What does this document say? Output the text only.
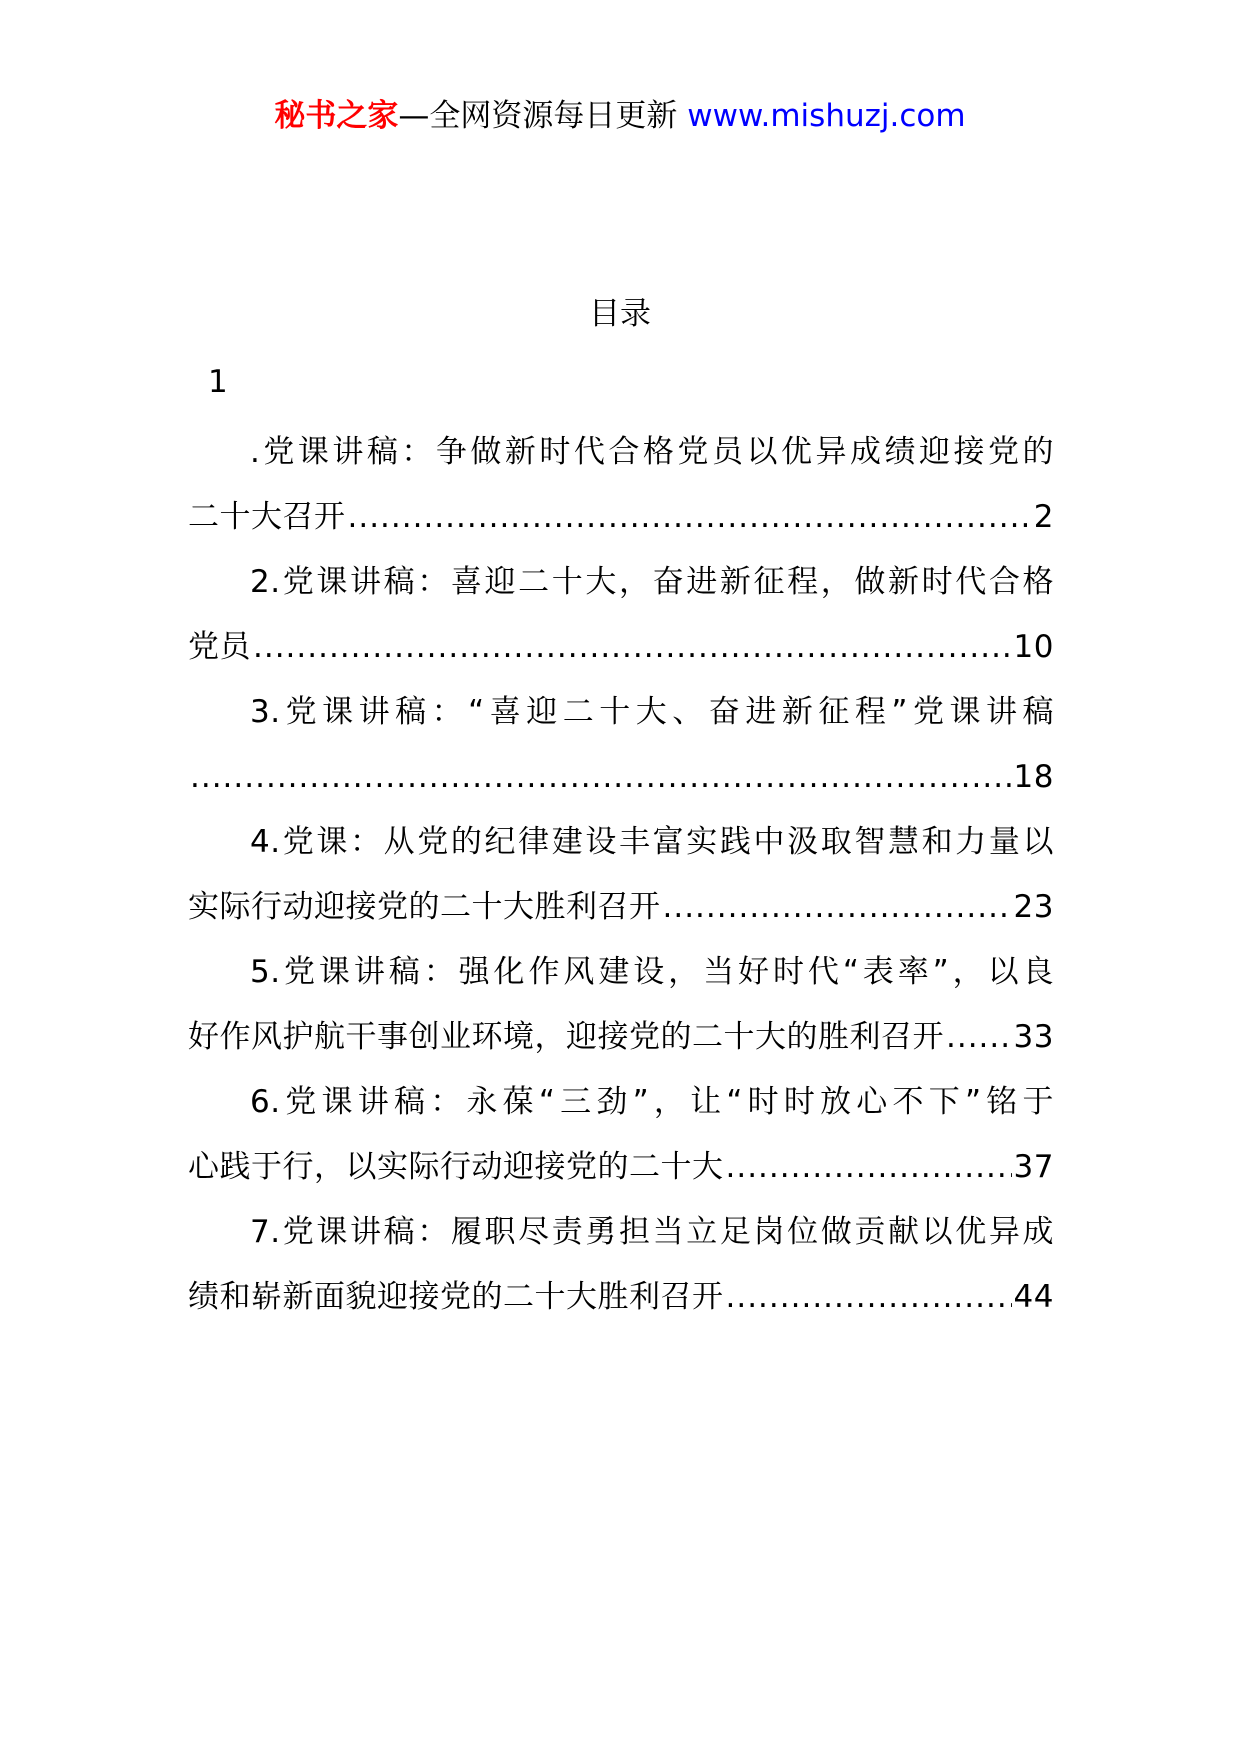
秘书之家—全网资源每日更新 www.mishuzj.com
目录
1
.党课讲稿：争做新时代合格党员以优异成绩迎接党的
二十大召开 .....	2
2.党课讲稿：喜迎二十大，奋进新征程，做新时代合格
党员 .....	10
3.党课讲稿：“喜迎二十大、奋进新征程”党课讲稿
.....
18
4.党课：从党的纪律建设丰富实践中汲取智慧和力量以
实际行动迎接党的二十大胜利召开 .....	23
5.党课讲稿：强化作风建设，当好时代“表率”，以良
好作风护航干事创业环境，迎接党的二十大的胜利召开 ..... 33
6.党课讲稿：永葆“三劲”，让“时时放心不下”铭于
心践于行，以实际行动迎接党的二十大 .....	37
7.党课讲稿：履职尽责勇担当立足岗位做贡献以优异成
绩和崭新面貌迎接党的二十大胜利召开 .....	44
